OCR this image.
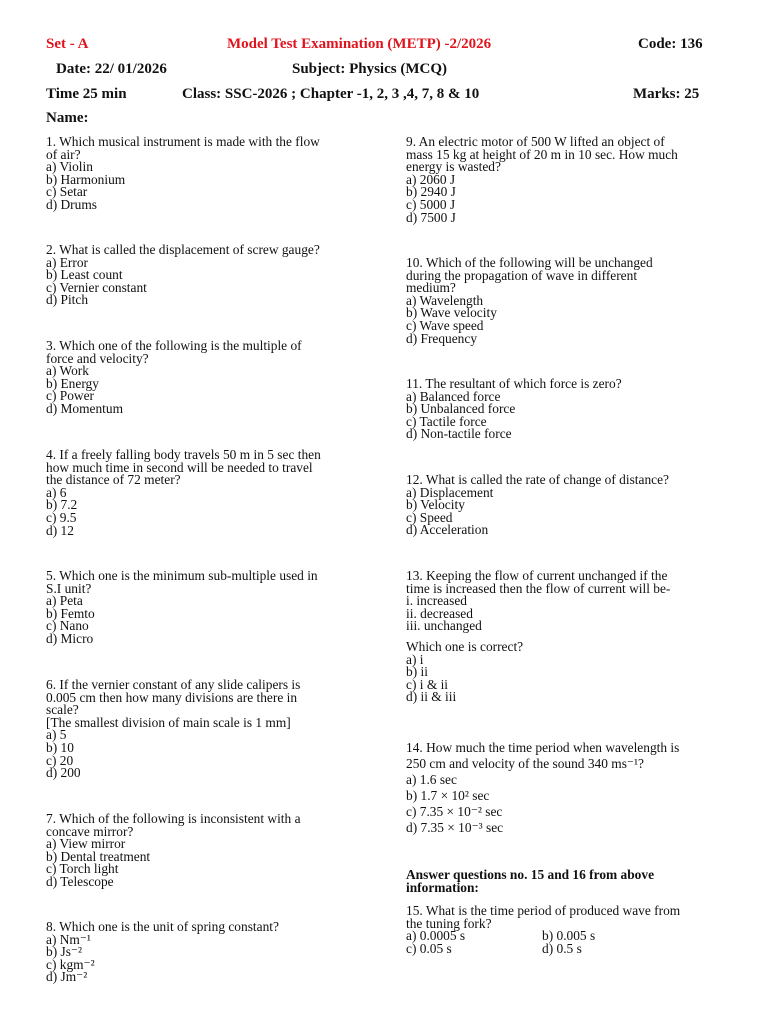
Set - A	Model Test Examination (METP) -2/2026	Code: 136
Date: 22/ 01/2026	Subject: Physics (MCQ)
Time 25 min	Class: SSC-2026 ; Chapter -1, 2, 3 ,4, 7, 8 & 10	Marks: 25
Name:
1. Which musical instrument is made with the flow
of air?
a) Violin
b) Harmonium
c) Setar
d) Drums
2. What is called the displacement of screw gauge?
a) Error
b) Least count
c) Vernier constant
d) Pitch
3. Which one of the following is the multiple of
force and velocity?
a) Work
b) Energy
c) Power
d) Momentum
4. If a freely falling body travels 50 m in 5 sec then
how much time in second will be needed to travel
the distance of 72 meter?
a) 6
b) 7.2
c) 9.5
d) 12
5. Which one is the minimum sub-multiple used in
S.I unit?
a) Peta
b) Femto
c) Nano
d) Micro
6. If the vernier constant of any slide calipers is
0.005 cm then how many divisions are there in
scale?
[The smallest division of main scale is 1 mm]
a) 5
b) 10
c) 20
d) 200
7. Which of the following is inconsistent with a
concave mirror?
a) View mirror
b) Dental treatment
c) Torch light
d) Telescope
8. Which one is the unit of spring constant?
a) Nm⁻¹
b) Js⁻²
c) kgm⁻²
d) Jm⁻²
9. An electric motor of 500 W lifted an object of
mass 15 kg at height of 20 m in 10 sec. How much
energy is wasted?
a) 2060 J
b) 2940 J
c) 5000 J
d) 7500 J
10. Which of the following will be unchanged
during the propagation of wave in different
medium?
a) Wavelength
b) Wave velocity
c) Wave speed
d) Frequency
11. The resultant of which force is zero?
a) Balanced force
b) Unbalanced force
c) Tactile force
d) Non-tactile force
12. What is called the rate of change of distance?
a) Displacement
b) Velocity
c) Speed
d) Acceleration
13. Keeping the flow of current unchanged if the
time is increased then the flow of current will be-
i. increased
ii. decreased
iii. unchanged
Which one is correct?
a) i
b) ii
c) i & ii
d) ii & iii
14. How much the time period when wavelength is
250 cm and velocity of the sound 340 ms⁻¹?
a) 1.6 sec
b) 1.7 × 10² sec
c) 7.35 × 10⁻² sec
d) 7.35 × 10⁻³ sec
Answer questions no. 15 and 16 from above
information:
15. What is the time period of produced wave from
the tuning fork?
a) 0.0005 s	b) 0.005 s
c) 0.05 s	d) 0.5 s
